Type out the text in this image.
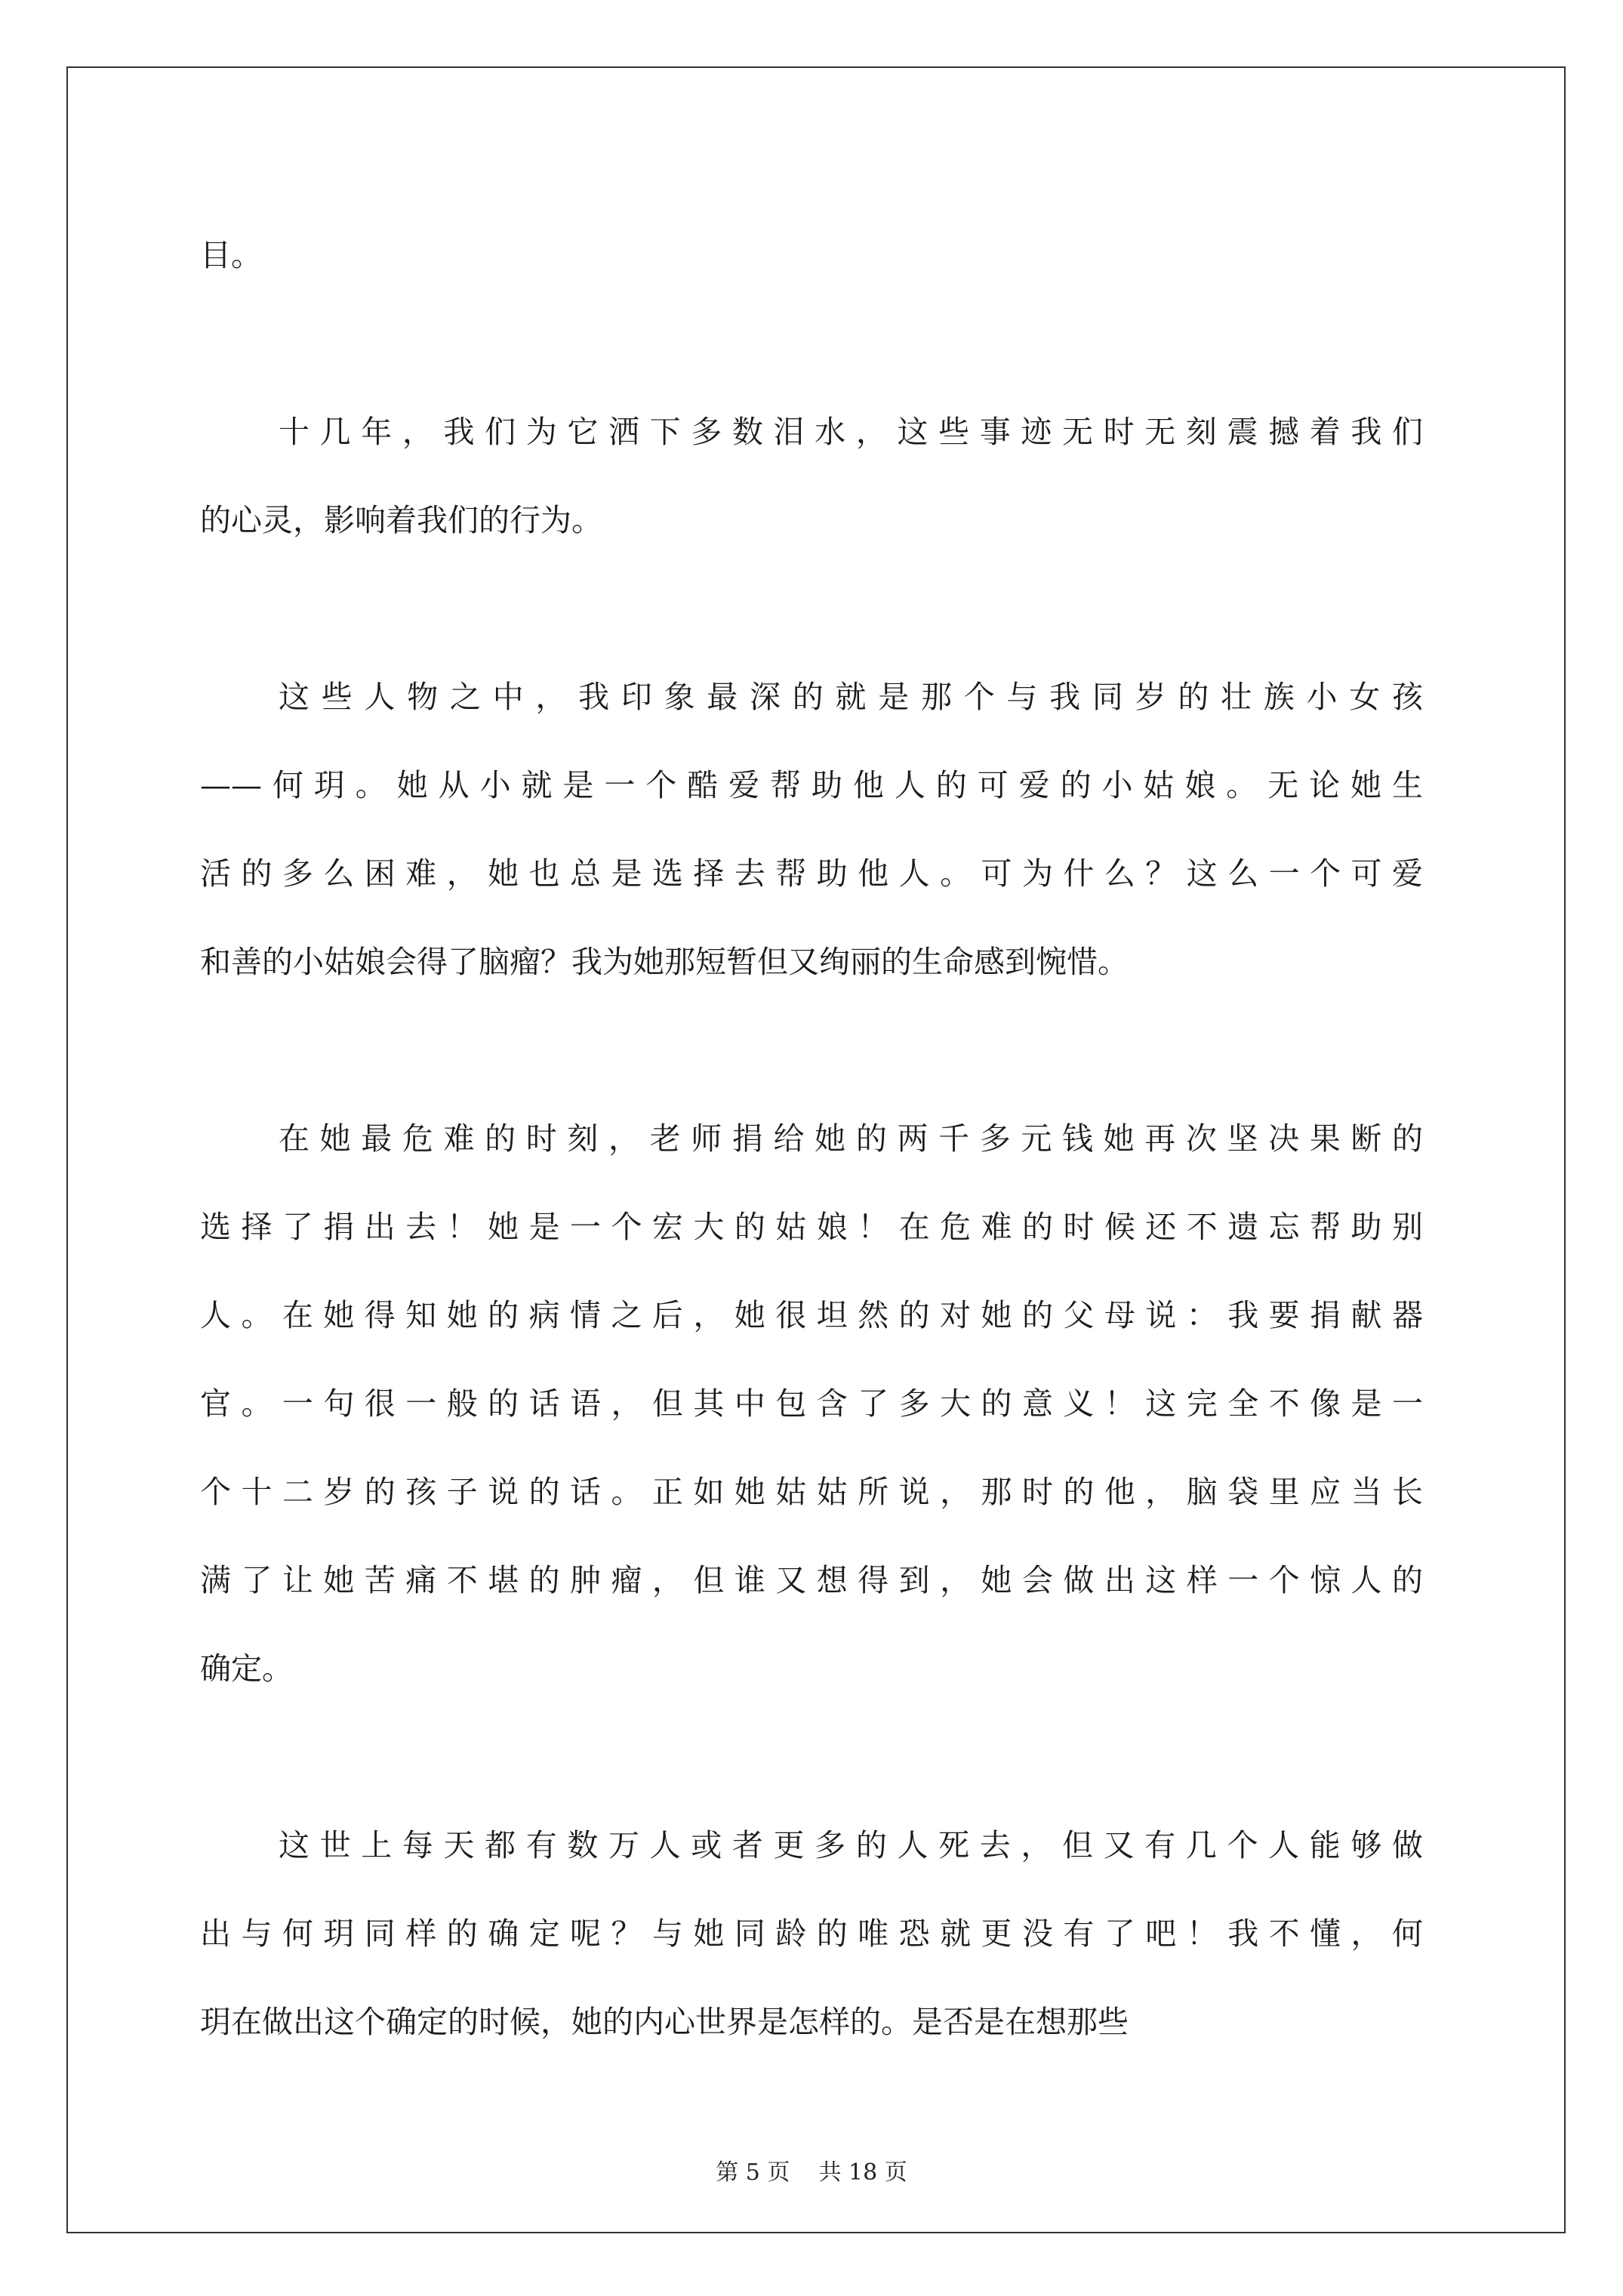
目。
十几年，我们为它洒下多数泪水，这些事迹无时无刻震撼着我们
的心灵，影响着我们的行为。
这些人物之中，我印象最深的就是那个与我同岁的壮族小女孩
——何玥。她从小就是一个酷爱帮助他人的可爱的小姑娘。无论她生
活的多么困难，她也总是选择去帮助他人。可为什么？这么一个可爱
和善的小姑娘会得了脑瘤？我为她那短暂但又绚丽的生命感到惋惜。
在她最危难的时刻，老师捐给她的两千多元钱她再次坚决果断的
选择了捐出去！她是一个宏大的姑娘！在危难的时候还不遗忘帮助别
人。在她得知她的病情之后，她很坦然的对她的父母说：我要捐献器
官。一句很一般的话语，但其中包含了多大的意义！这完全不像是一
个十二岁的孩子说的话。正如她姑姑所说，那时的他，脑袋里应当长
满了让她苦痛不堪的肿瘤，但谁又想得到，她会做出这样一个惊人的
确定。
这世上每天都有数万人或者更多的人死去，但又有几个人能够做
出与何玥同样的确定呢？与她同龄的唯恐就更没有了吧！我不懂，何
玥在做出这个确定的时候，她的内心世界是怎样的。是否是在想那些
第 5 页    共 18 页
